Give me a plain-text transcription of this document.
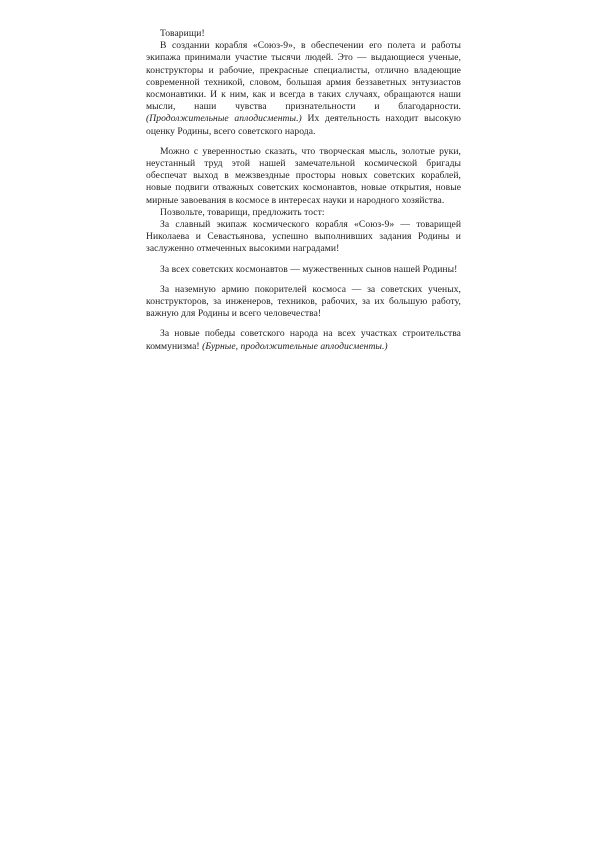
Товарищи!

В создании корабля «Союз-9», в обеспечении его полета и работы экипажа принимали участие тысячи людей. Это — выдающиеся ученые, конструкторы и рабочие, прекрасные специалисты, отлично владеющие современной техникой, словом, большая армия беззаветных энтузиастов космонавтики. И к ним, как и всегда в таких случаях, обращаются наши мысли, наши чувства признательности и благодарности. (Продолжительные аплодисменты.) Их деятельность находит высокую оценку Родины, всего советского народа.

Можно с уверенностью сказать, что творческая мысль, золотые руки, неустанный труд этой нашей замечательной космической бригады обеспечат выход в межзвездные просторы новых советских кораблей, новые подвиги отважных советских космонавтов, новые открытия, новые мирные завоевания в космосе в интересах науки и народного хозяйства.

Позвольте, товарищи, предложить тост:

За славный экипаж космического корабля «Союз-9» — товарищей Николаева и Севастьянова, успешно выполнивших задания Родины и заслуженно отмеченных высокими наградами!

За всех советских космонавтов — мужественных сынов нашей Родины!

За наземную армию покорителей космоса — за советских ученых, конструкторов, за инженеров, техников, рабочих, за их большую работу, важную для Родины и всего человечества!

За новые победы советского народа на всех участках строительства коммунизма! (Бурные, продолжительные аплодисменты.)
